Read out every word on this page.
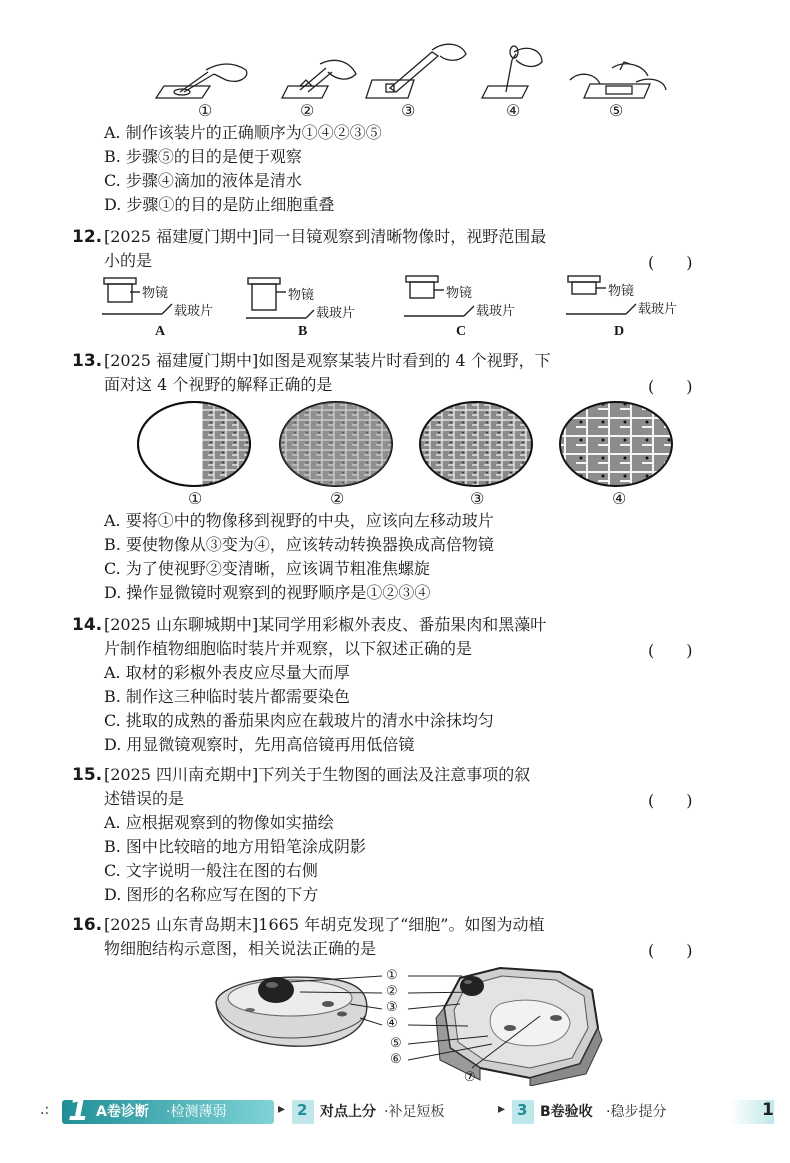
①	②	③	④	⑤
A. 制作该装片的正确顺序为①④②③⑤
B. 步骤⑤的目的是便于观察
C. 步骤④滴加的液体是清水
D. 步骤①的目的是防止细胞重叠
12. [2025 福建厦门期中]同一目镜观察到清晰物像时，视野范围最
小的是	(　　)
物镜
载玻片
物镜
载玻片
物镜
载玻片
物镜
载玻片
A	B	C	D
13. [2025 福建厦门期中]如图是观察某装片时看到的 4 个视野，下
面对这 4 个视野的解释正确的是	(　　)
①	②	③	④
A. 要将①中的物像移到视野的中央，应该向左移动玻片
B. 要使物像从③变为④，应该转动转换器换成高倍物镜
C. 为了使视野②变清晰，应该调节粗准焦螺旋
D. 操作显微镜时观察到的视野顺序是①②③④
14. [2025 山东聊城期中]某同学用彩椒外表皮、番茄果肉和黑藻叶
片制作植物细胞临时装片并观察，以下叙述正确的是	(　　)
A. 取材的彩椒外表皮应尽量大而厚
B. 制作这三种临时装片都需要染色
C. 挑取的成熟的番茄果肉应在载玻片的清水中涂抹均匀
D. 用显微镜观察时，先用高倍镜再用低倍镜
15. [2025 四川南充期中]下列关于生物图的画法及注意事项的叙
述错误的是	(　　)
A. 应根据观察到的物像如实描绘
B. 图中比较暗的地方用铅笔涂成阴影
C. 文字说明一般注在图的右侧
D. 图形的名称应写在图的下方
16. [2025 山东青岛期末]1665 年胡克发现了“细胞”。如图为动植
物细胞结构示意图，相关说法正确的是	(　　)
①
②
③
④
⑤
⑥
⑦
.: 1 A卷诊断 ·检测薄弱	▸ 2 对点上分 ·补足短板	▸ 3 B卷验收 ·稳步提分	1
